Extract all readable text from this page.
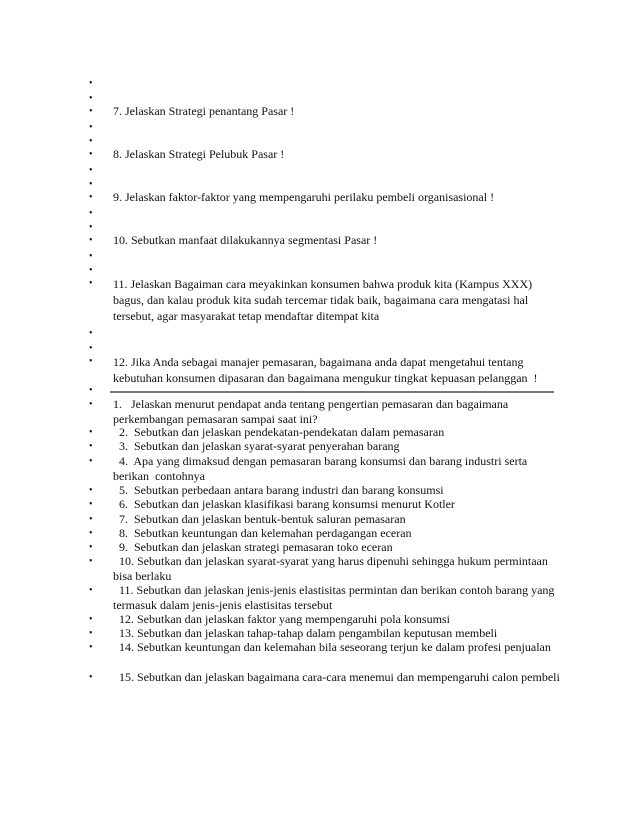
•
•
• 7. Jelaskan Strategi penantang Pasar !
•
•
• 8. Jelaskan Strategi Pelubuk Pasar !
•
•
• 9. Jelaskan faktor-faktor yang mempengaruhi perilaku pembeli organisasional !
•
•
• 10. Sebutkan manfaat dilakukannya segmentasi Pasar !
•
•
• 11. Jelaskan Bagaiman cara meyakinkan konsumen bahwa produk kita (Kampus XXX) bagus, dan kalau produk kita sudah tercemar tidak baik, bagaimana cara mengatasi hal tersebut, agar masyarakat tetap mendaftar ditempat kita
•
•
• 12. Jika Anda sebagai manajer pemasaran, bagaimana anda dapat mengetahui tentang kebutuhan konsumen dipasaran dan bagaimana mengukur tingkat kepuasan pelanggan  !
•
• 1.   Jelaskan menurut pendapat anda tentang pengertian pemasaran dan bagaimana perkembangan pemasaran sampai saat ini?
• 2.  Sebutkan dan jelaskan pendekatan-pendekatan dalam pemasaran
• 3.  Sebutkan dan jelaskan syarat-syarat penyerahan barang
• 4.  Apa yang dimaksud dengan pemasaran barang konsumsi dan barang industri serta berikan  contohnya
• 5.  Sebutkan perbedaan antara barang industri dan barang konsumsi
• 6.  Sebutkan dan jelaskan klasifikasi barang konsumsi menurut Kotler
• 7.  Sebutkan dan jelaskan bentuk-bentuk saluran pemasaran
• 8.  Sebutkan keuntungan dan kelemahan perdagangan eceran
• 9.  Sebutkan dan jelaskan strategi pemasaran toko eceran
• 10. Sebutkan dan jelaskan syarat-syarat yang harus dipenuhi sehingga hukum permintaan bisa berlaku
• 11. Sebutkan dan jelaskan jenis-jenis elastisitas permintan dan berikan contoh barang yang termasuk dalam jenis-jenis elastisitas tersebut
• 12. Sebutkan dan jelaskan faktor yang mempengaruhi pola konsumsi
• 13. Sebutkan dan jelaskan tahap-tahap dalam pengambilan keputusan membeli
• 14. Sebutkan keuntungan dan kelemahan bila seseorang terjun ke dalam profesi penjualan
• 15. Sebutkan dan jelaskan bagaimana cara-cara menemui dan mempengaruhi calon pembeli
